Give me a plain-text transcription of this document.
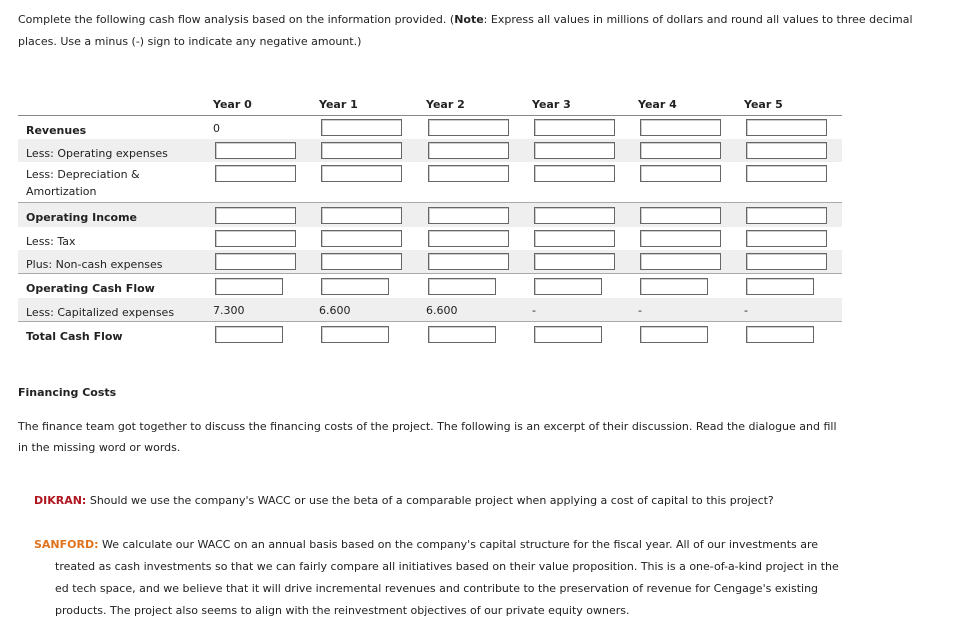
Complete the following cash flow analysis based on the information provided. (Note: Express all values in millions of dollars and round all values to three decimal places. Use a minus (-) sign to indicate any negative amount.)
Year 0	Year 1	Year 2	Year 3	Year 4	Year 5
Revenues	0
Less: Operating expenses
Less: Depreciation & Amortization
Operating Income
Less: Tax
Plus: Non-cash expenses
Operating Cash Flow
Less: Capitalized expenses	7.300	6.600	6.600	-	-	-
Total Cash Flow
Financing Costs
The finance team got together to discuss the financing costs of the project. The following is an excerpt of their discussion. Read the dialogue and fill in the missing word or words.
DIKRAN: Should we use the company's WACC or use the beta of a comparable project when applying a cost of capital to this project?
SANFORD: We calculate our WACC on an annual basis based on the company's capital structure for the fiscal year. All of our investments are treated as cash investments so that we can fairly compare all initiatives based on their value proposition. This is a one-of-a-kind project in the ed tech space, and we believe that it will drive incremental revenues and contribute to the preservation of revenue for Cengage's existing products. The project also seems to align with the reinvestment objectives of our private equity owners.
